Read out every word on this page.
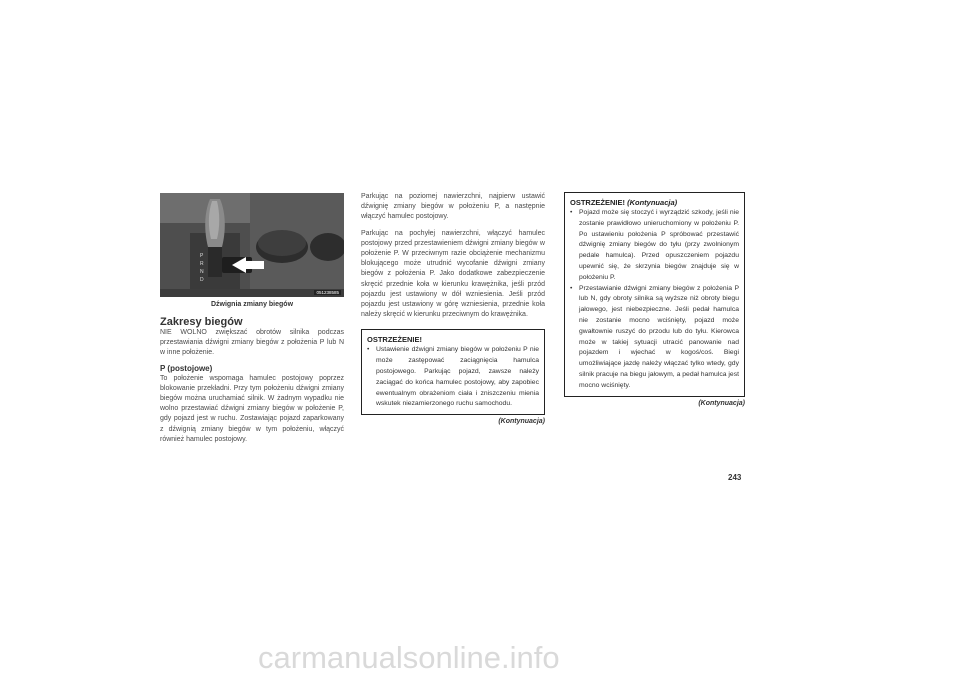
P
R
N
D
051238585
Dźwignia zmiany biegów
Zakresy biegów

NIE WOLNO zwiększać obrotów silnika podczas przestawiania dźwigni zmiany biegów z położenia P lub N w inne położenie.

P (postojowe)

To położenie wspomaga hamulec postojowy poprzez blokowanie przekładni. Przy tym położeniu dźwigni zmiany biegów można uruchamiać silnik. W żadnym wypadku nie wolno przestawiać dźwigni zmiany biegów w położenie P, gdy pojazd jest w ruchu. Zostawiając pojazd zaparkowany z dźwignią zmiany biegów w tym położeniu, włączyć również hamulec postojowy.

Parkując na poziomej nawierzchni, najpierw ustawić dźwignię zmiany biegów w położeniu P, a następnie włączyć hamulec postojowy.

Parkując na pochyłej nawierzchni, włączyć hamulec postojowy przed przestawieniem dźwigni zmiany biegów w położenie P. W przeciwnym razie obciążenie mechanizmu blokującego może utrudnić wycofanie dźwigni zmiany biegów z położenia P. Jako dodatkowe zabezpieczenie skręcić przednie koła w kierunku krawężnika, jeśli przód pojazdu jest ustawiony w dół wzniesienia. Jeśli przód pojazdu jest ustawiony w górę wzniesienia, przednie koła należy skręcić w kierunku przeciwnym do krawężnika.

OSTRZEŻENIE!
• Ustawienie dźwigni zmiany biegów w położeniu P nie może zastępować zaciągnięcia hamulca postojowego. Parkując pojazd, zawsze należy zaciągać do końca hamulec postojowy, aby zapobiec ewentualnym obrażeniom ciała i zniszczeniu mienia wskutek niezamierzonego ruchu samochodu.
(Kontynuacja)
OSTRZEŻENIE! (Kontynuacja)
• Pojazd może się stoczyć i wyrządzić szkody, jeśli nie zostanie prawidłowo unieruchomiony w położeniu P. Po ustawieniu położenia P spróbować przestawić dźwignię zmiany biegów do tyłu (przy zwolnionym pedale hamulca). Przed opuszczeniem pojazdu upewnić się, że skrzynia biegów znajduje się w położeniu P.
• Przestawianie dźwigni zmiany biegów z położenia P lub N, gdy obroty silnika są wyższe niż obroty biegu jałowego, jest niebezpieczne. Jeśli pedał hamulca nie zostanie mocno wciśnięty, pojazd może gwałtownie ruszyć do przodu lub do tyłu. Kierowca może w takiej sytuacji utracić panowanie nad pojazdem i wjechać w kogoś/coś. Biegi umożliwiające jazdę należy włączać tylko wtedy, gdy silnik pracuje na biegu jałowym, a pedał hamulca jest mocno wciśnięty.
(Kontynuacja)
243
carmanualsonline.info
